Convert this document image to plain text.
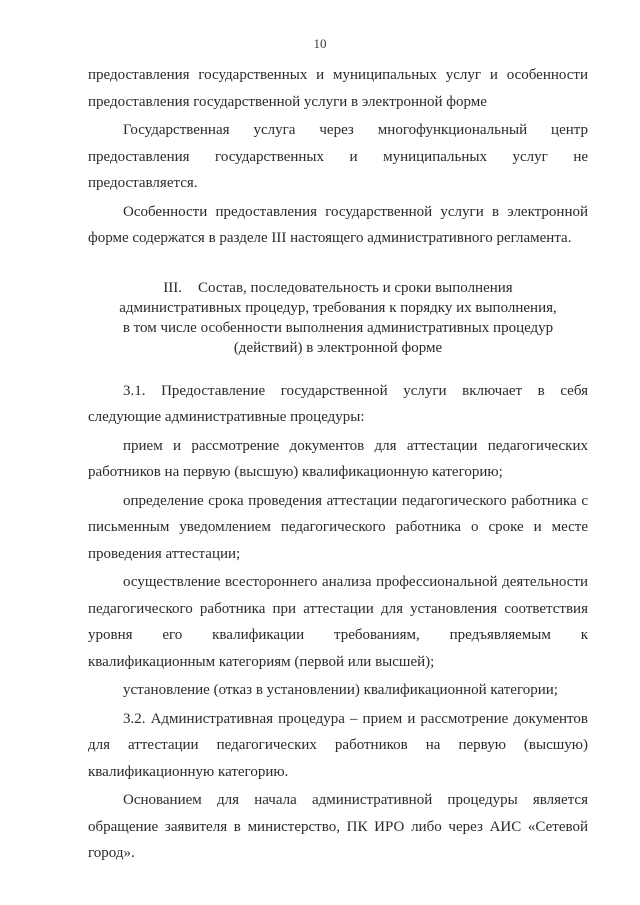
10

предоставления государственных и муниципальных услуг и особенности предоставления государственной услуги в электронной форме

Государственная услуга через многофункциональный центр предоставления государственных и муниципальных услуг не предоставляется.

Особенности предоставления государственной услуги в электронной форме содержатся в разделе III настоящего административного регламента.

III. Состав, последовательность и сроки выполнения административных процедур, требования к порядку их выполнения, в том числе особенности выполнения административных процедур (действий) в электронной форме

3.1. Предоставление государственной услуги включает в себя следующие административные процедуры:

прием и рассмотрение документов для аттестации педагогических работников на первую (высшую) квалификационную категорию;

определение срока проведения аттестации педагогического работника с письменным уведомлением педагогического работника о сроке и месте проведения аттестации;

осуществление всестороннего анализа профессиональной деятельности педагогического работника при аттестации для установления соответствия уровня его квалификации требованиям, предъявляемым к квалификационным категориям (первой или высшей);

установление (отказ в установлении) квалификационной категории;

3.2. Административная процедура – прием и рассмотрение документов для аттестации педагогических работников на первую (высшую) квалификационную категорию.

Основанием для начала административной процедуры является обращение заявителя в министерство, ПК ИРО либо через АИС «Сетевой город».
